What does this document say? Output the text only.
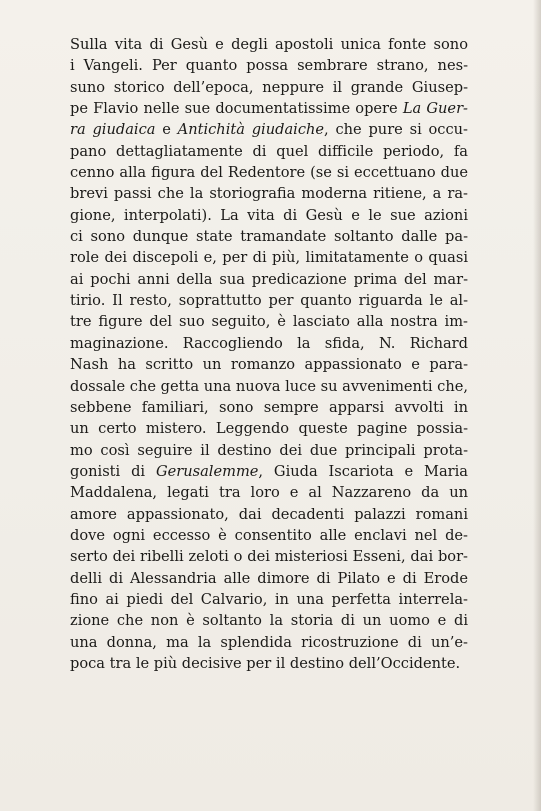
Sulla vita di Gesù e degli apostoli unica fonte sono
i Vangeli. Per quanto possa sembrare strano, nes-
suno storico dell’epoca, neppure il grande Giusep-
pe Flavio nelle sue documentatissime opere La Guer-
ra giudaica e Antichità giudaiche, che pure si occu-
pano dettagliatamente di quel difficile periodo, fa
cenno alla figura del Redentore (se si eccettuano due
brevi passi che la storiografia moderna ritiene, a ra-
gione, interpolati). La vita di Gesù e le sue azioni
ci sono dunque state tramandate soltanto dalle pa-
role dei discepoli e, per di più, limitatamente o quasi
ai pochi anni della sua predicazione prima del mar-
tirio. Il resto, soprattutto per quanto riguarda le al-
tre figure del suo seguito, è lasciato alla nostra im-
maginazione. Raccogliendo la sfida, N. Richard
Nash ha scritto un romanzo appassionato e para-
dossale che getta una nuova luce su avvenimenti che,
sebbene familiari, sono sempre apparsi avvolti in
un certo mistero. Leggendo queste pagine possia-
mo così seguire il destino dei due principali prota-
gonisti di Gerusalemme, Giuda Iscariota e Maria
Maddalena, legati tra loro e al Nazzareno da un
amore appassionato, dai decadenti palazzi romani
dove ogni eccesso è consentito alle enclavi nel de-
serto dei ribelli zeloti o dei misteriosi Esseni, dai bor-
delli di Alessandria alle dimore di Pilato e di Erode
fino ai piedi del Calvario, in una perfetta interrela-
zione che non è soltanto la storia di un uomo e di
una donna, ma la splendida ricostruzione di un’e-
poca tra le più decisive per il destino dell’Occidente.
